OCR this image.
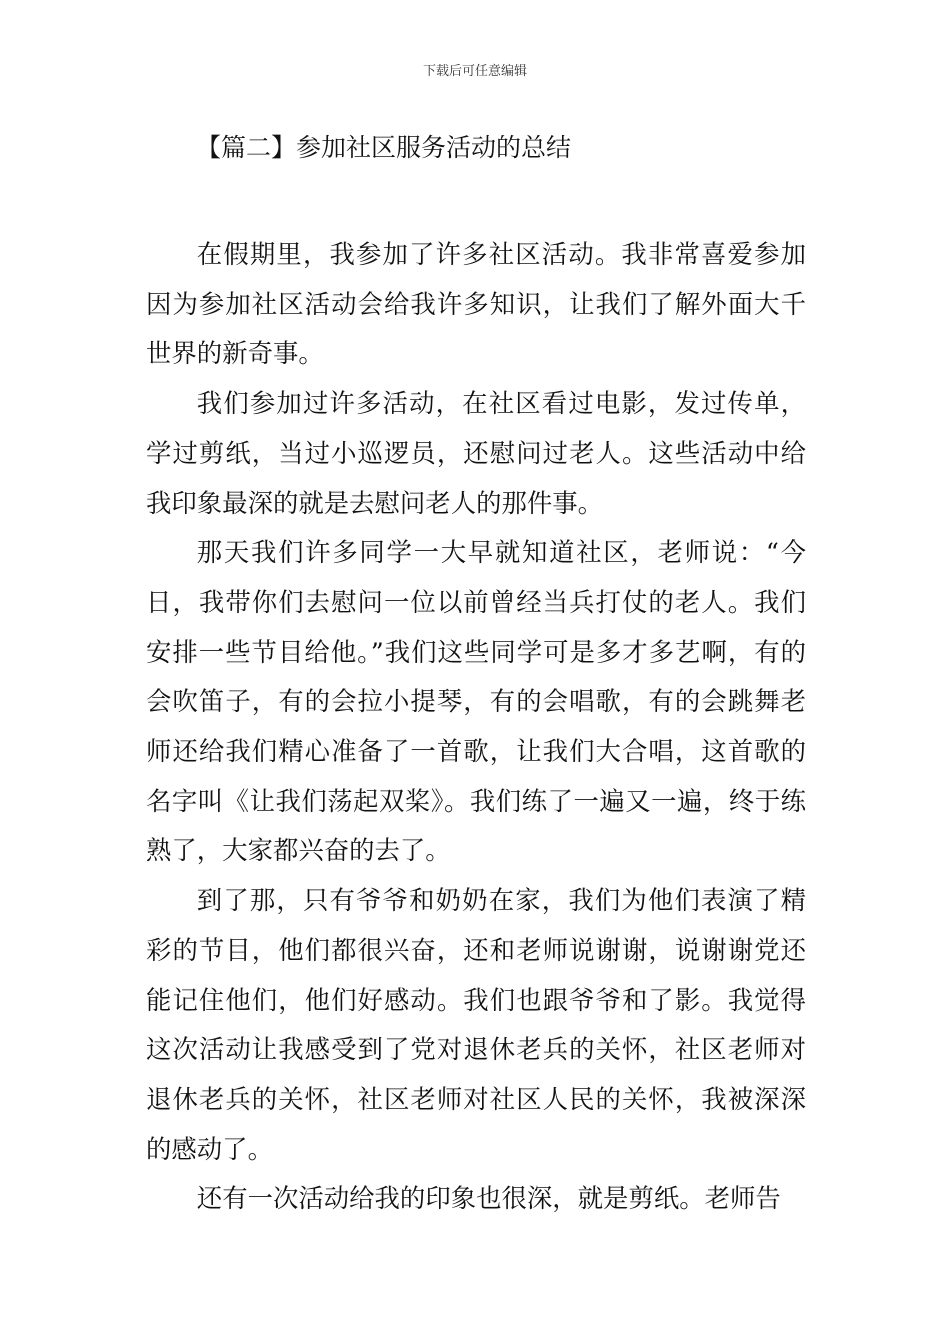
下载后可任意编辑
【篇二】参加社区服务活动的总结

在假期里，我参加了许多社区活动。我非常喜爱参加因为参加社区活动会给我许多知识，让我们了解外面大千世界的新奇事。

我们参加过许多活动，在社区看过电影，发过传单，学过剪纸，当过小巡逻员，还慰问过老人。这些活动中给我印象最深的就是去慰问老人的那件事。

那天我们许多同学一大早就知道社区，老师说：“今日，我带你们去慰问一位以前曾经当兵打仗的老人。我们安排一些节目给他。”我们这些同学可是多才多艺啊，有的会吹笛子，有的会拉小提琴，有的会唱歌，有的会跳舞老师还给我们精心准备了一首歌，让我们大合唱，这首歌的名字叫《让我们荡起双桨》。我们练了一遍又一遍，终于练熟了，大家都兴奋的去了。

到了那，只有爷爷和奶奶在家，我们为他们表演了精彩的节目，他们都很兴奋，还和老师说谢谢，说谢谢党还能记住他们，他们好感动。我们也跟爷爷和了影。我觉得这次活动让我感受到了党对退休老兵的关怀，社区老师对退休老兵的关怀，社区老师对社区人民的关怀，我被深深的感动了。

还有一次活动给我的印象也很深，就是剪纸。老师告
